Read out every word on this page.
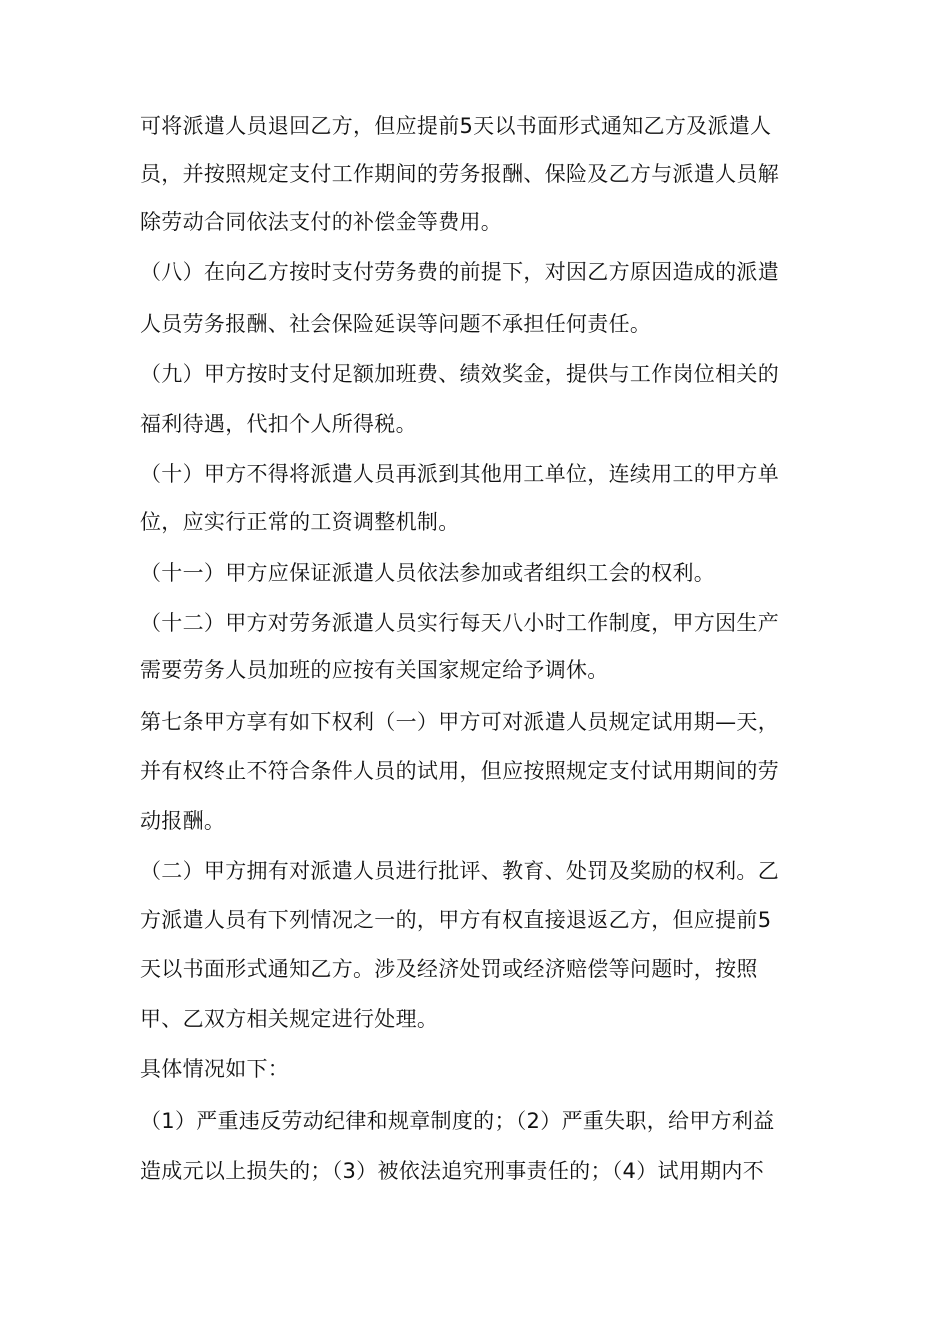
可将派遣人员退回乙方，但应提前5天以书面形式通知乙方及派遣人
员，并按照规定支付工作期间的劳务报酬、保险及乙方与派遣人员解
除劳动合同依法支付的补偿金等费用。
（八）在向乙方按时支付劳务费的前提下，对因乙方原因造成的派遣
人员劳务报酬、社会保险延误等问题不承担任何责任。
（九）甲方按时支付足额加班费、绩效奖金，提供与工作岗位相关的
福利待遇，代扣个人所得税。
（十）甲方不得将派遣人员再派到其他用工单位，连续用工的甲方单
位，应实行正常的工资调整机制。
（十一）甲方应保证派遣人员依法参加或者组织工会的权利。
（十二）甲方对劳务派遣人员实行每天八小时工作制度，甲方因生产
需要劳务人员加班的应按有关国家规定给予调休。
第七条甲方享有如下权利（一）甲方可对派遣人员规定试用期—天，
并有权终止不符合条件人员的试用，但应按照规定支付试用期间的劳
动报酬。
（二）甲方拥有对派遣人员进行批评、教育、处罚及奖励的权利。乙
方派遣人员有下列情况之一的，甲方有权直接退返乙方，但应提前5
天以书面形式通知乙方。涉及经济处罚或经济赔偿等问题时，按照
甲、乙双方相关规定进行处理。
具体情况如下：
（1）严重违反劳动纪律和规章制度的；（2）严重失职，给甲方利益
造成元以上损失的；（3）被依法追究刑事责任的；（4）试用期内不
